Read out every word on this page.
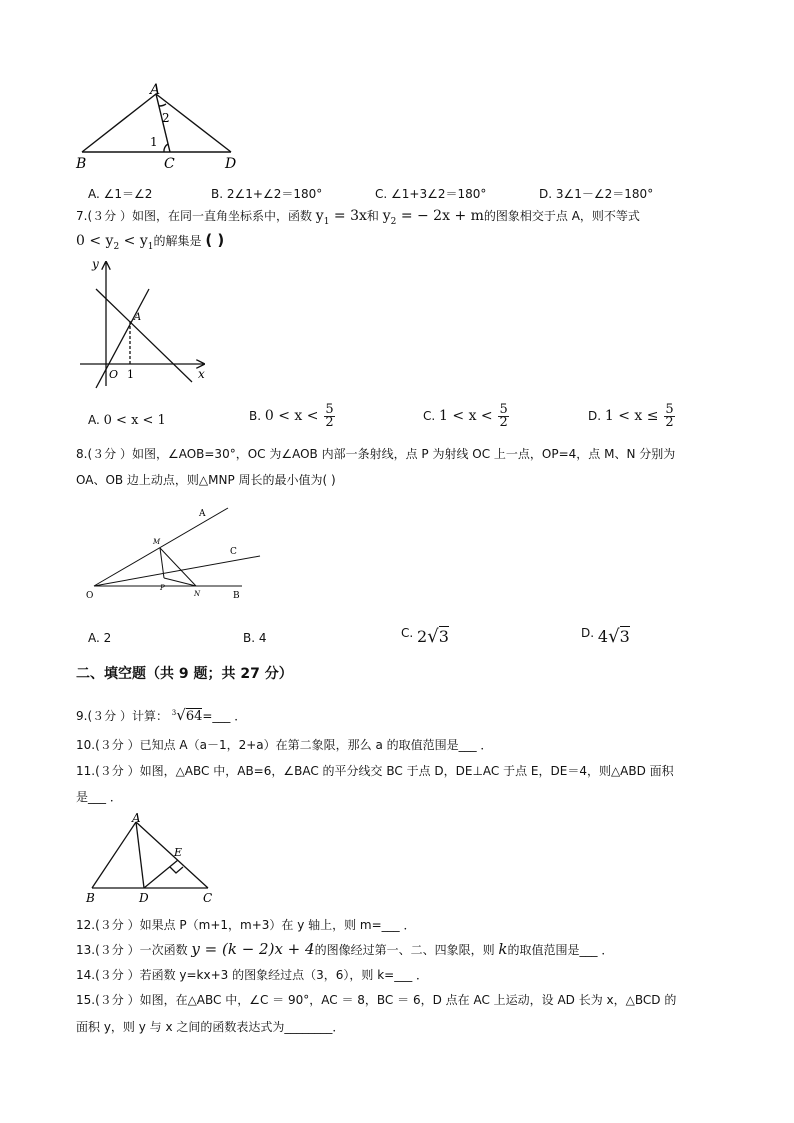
A
B	C	D
1
2
A. ∠1＝∠2	B. 2∠1+∠2＝180°	C. ∠1+3∠2＝180°	D. 3∠1－∠2＝180°
7.(３分 ）如图，在同一直角坐标系中，函数 $y_1 = 3x$和 $y_2$ = − 2x + m的图象相交于点 A，则不等式
$0 < y_2 < y_1$的解集是 ( )
y
x
A
O 1
A. 0 < x < 1	B. $0 < x < \frac{5}{2}$	C. $1 < x < \frac{5}{2}$	D. $1 < x \le \frac{5}{2}$
8.(３分 ）如图，∠AOB=30°，OC 为∠AOB 内部一条射线，点 P 为射线 OC 上一点，OP=4，点 M、N 分别为
OA、OB 边上动点，则△MNP 周长的最小值为( )
A
C
M
P
O	N	B
A. 2	B. 4	C. 2√3	D. 4√3
二、填空题（共 9 题；共 27 分）
9.(３分 ）计算： $^3$√64=___ ．
10.(３分 ）已知点 A（a－1，2+a）在第二象限，那么 a 的取值范围是___ ．
11.(３分 ）如图，△ABC 中，AB=6，∠BAC 的平分线交 BC 于点 D，DE⊥AC 于点 E，DE＝4，则△ABD 面积
是___ ．
A
B	C
D
E
12.(３分 ）如果点 P（m+1，m+3）在 y 轴上，则 m=___ ．
13.(３分 ）一次函数 y = (k − 2)x + 4的图像经过第一、二、四象限，则 k的取值范围是___ ．
14.(３分 ）若函数 y=kx+3 的图象经过点（3，6），则 k=___ ．
15.(３分 ）如图，在△ABC 中，∠C ＝ 90°，AC ＝ 8，BC ＝ 6，D 点在 AC 上运动，设 AD 长为 x，△BCD 的
面积 y，则 y 与 x 之间的函数表达式为________．
